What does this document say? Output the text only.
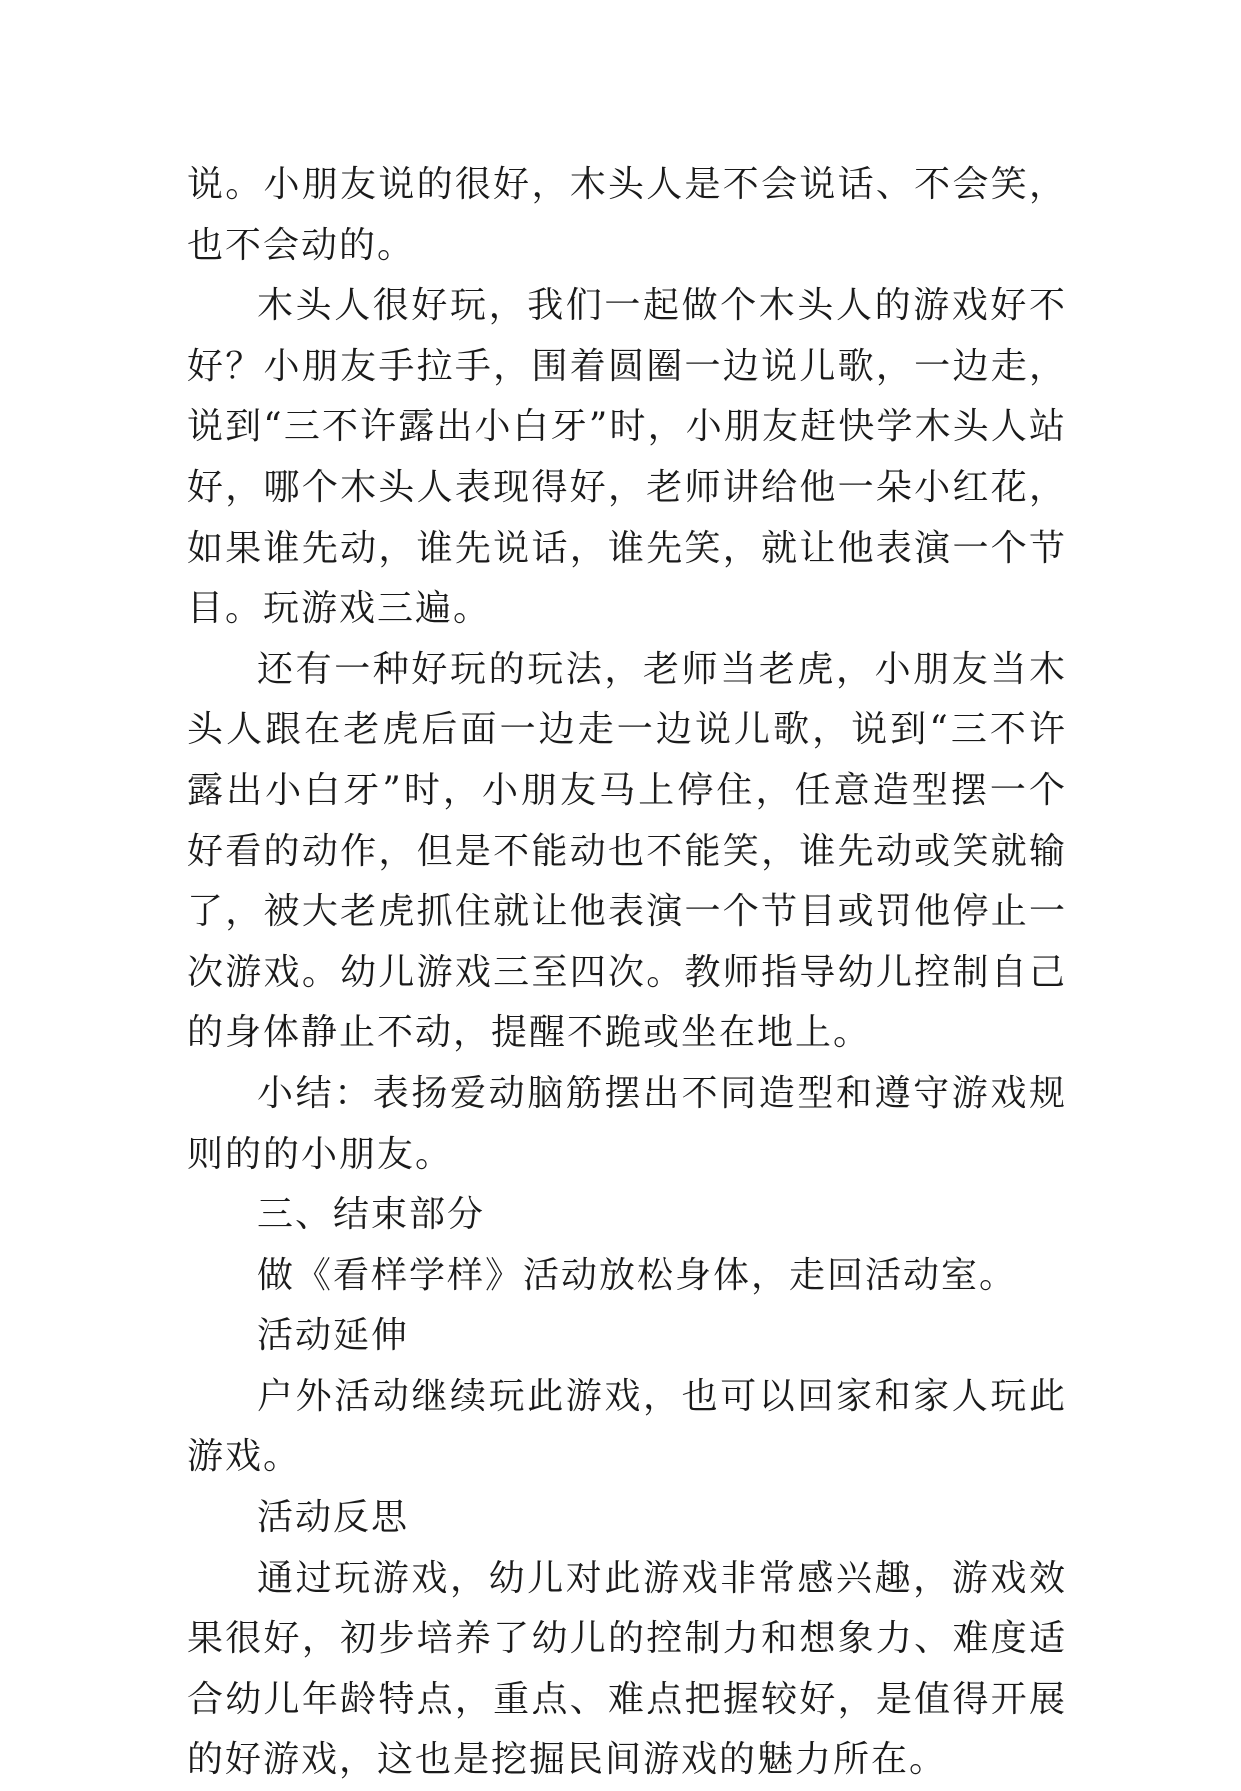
说。小朋友说的很好，木头人是不会说话、不会笑，也不会动的。

木头人很好玩，我们一起做个木头人的游戏好不好？小朋友手拉手，围着圆圈一边说儿歌，一边走，说到“三不许露出小白牙”时，小朋友赶快学木头人站好，哪个木头人表现得好，老师讲给他一朵小红花，如果谁先动，谁先说话，谁先笑，就让他表演一个节目。玩游戏三遍。

还有一种好玩的玩法，老师当老虎，小朋友当木头人跟在老虎后面一边走一边说儿歌，说到“三不许露出小白牙”时，小朋友马上停住，任意造型摆一个好看的动作，但是不能动也不能笑，谁先动或笑就输了，被大老虎抓住就让他表演一个节目或罚他停止一次游戏。幼儿游戏三至四次。教师指导幼儿控制自己的身体静止不动，提醒不跪或坐在地上。

小结：表扬爱动脑筋摆出不同造型和遵守游戏规则的的小朋友。

三、结束部分

做《看样学样》活动放松身体，走回活动室。

活动延伸

户外活动继续玩此游戏，也可以回家和家人玩此游戏。

活动反思

通过玩游戏，幼儿对此游戏非常感兴趣，游戏效果很好，初步培养了幼儿的控制力和想象力、难度适合幼儿年龄特点，重点、难点把握较好，是值得开展的好游戏，这也是挖掘民间游戏的魅力所在。
